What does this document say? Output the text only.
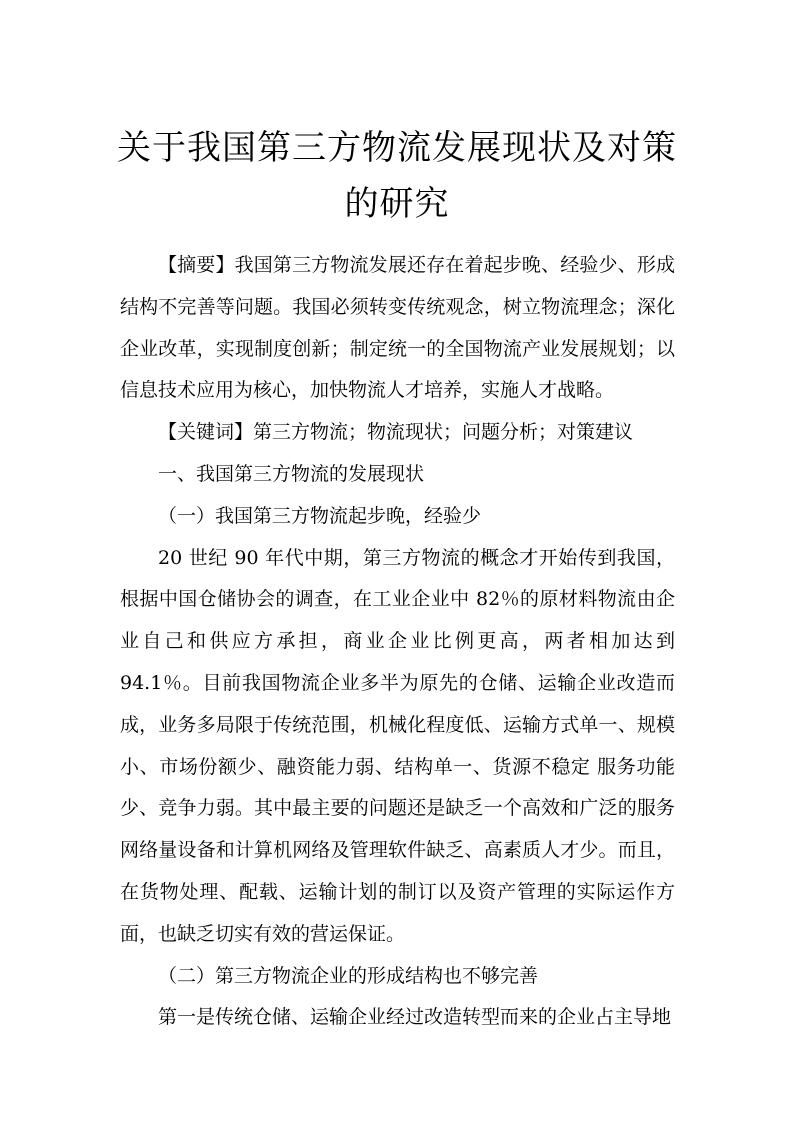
关于我国第三方物流发展现状及对策的研究

【摘要】我国第三方物流发展还存在着起步晚、经验少、形成结构不完善等问题。我国必须转变传统观念，树立物流理念；深化企业改革，实现制度创新；制定统一的全国物流产业发展规划；以信息技术应用为核心，加快物流人才培养，实施人才战略。

【关键词】第三方物流；物流现状；问题分析；对策建议

一、我国第三方物流的发展现状

（一）我国第三方物流起步晚，经验少

20 世纪 90 年代中期，第三方物流的概念才开始传到我国，根据中国仓储协会的调查，在工业企业中 82％的原材料物流由企业自己和供应方承担，商业企业比例更高，两者相加达到 94.1％。目前我国物流企业多半为原先的仓储、运输企业改造而成，业务多局限于传统范围，机械化程度低、运输方式单一、规模小、市场份额少、融资能力弱、结构单一、货源不稳定 服务功能少、竞争力弱。其中最主要的问题还是缺乏一个高效和广泛的服务网络量设备和计算机网络及管理软件缺乏、高素质人才少。而且，在货物处理、配载、运输计划的制订以及资产管理的实际运作方面，也缺乏切实有效的营运保证。

（二）第三方物流企业的形成结构也不够完善

第一是传统仓储、运输企业经过改造转型而来的企业占主导地
